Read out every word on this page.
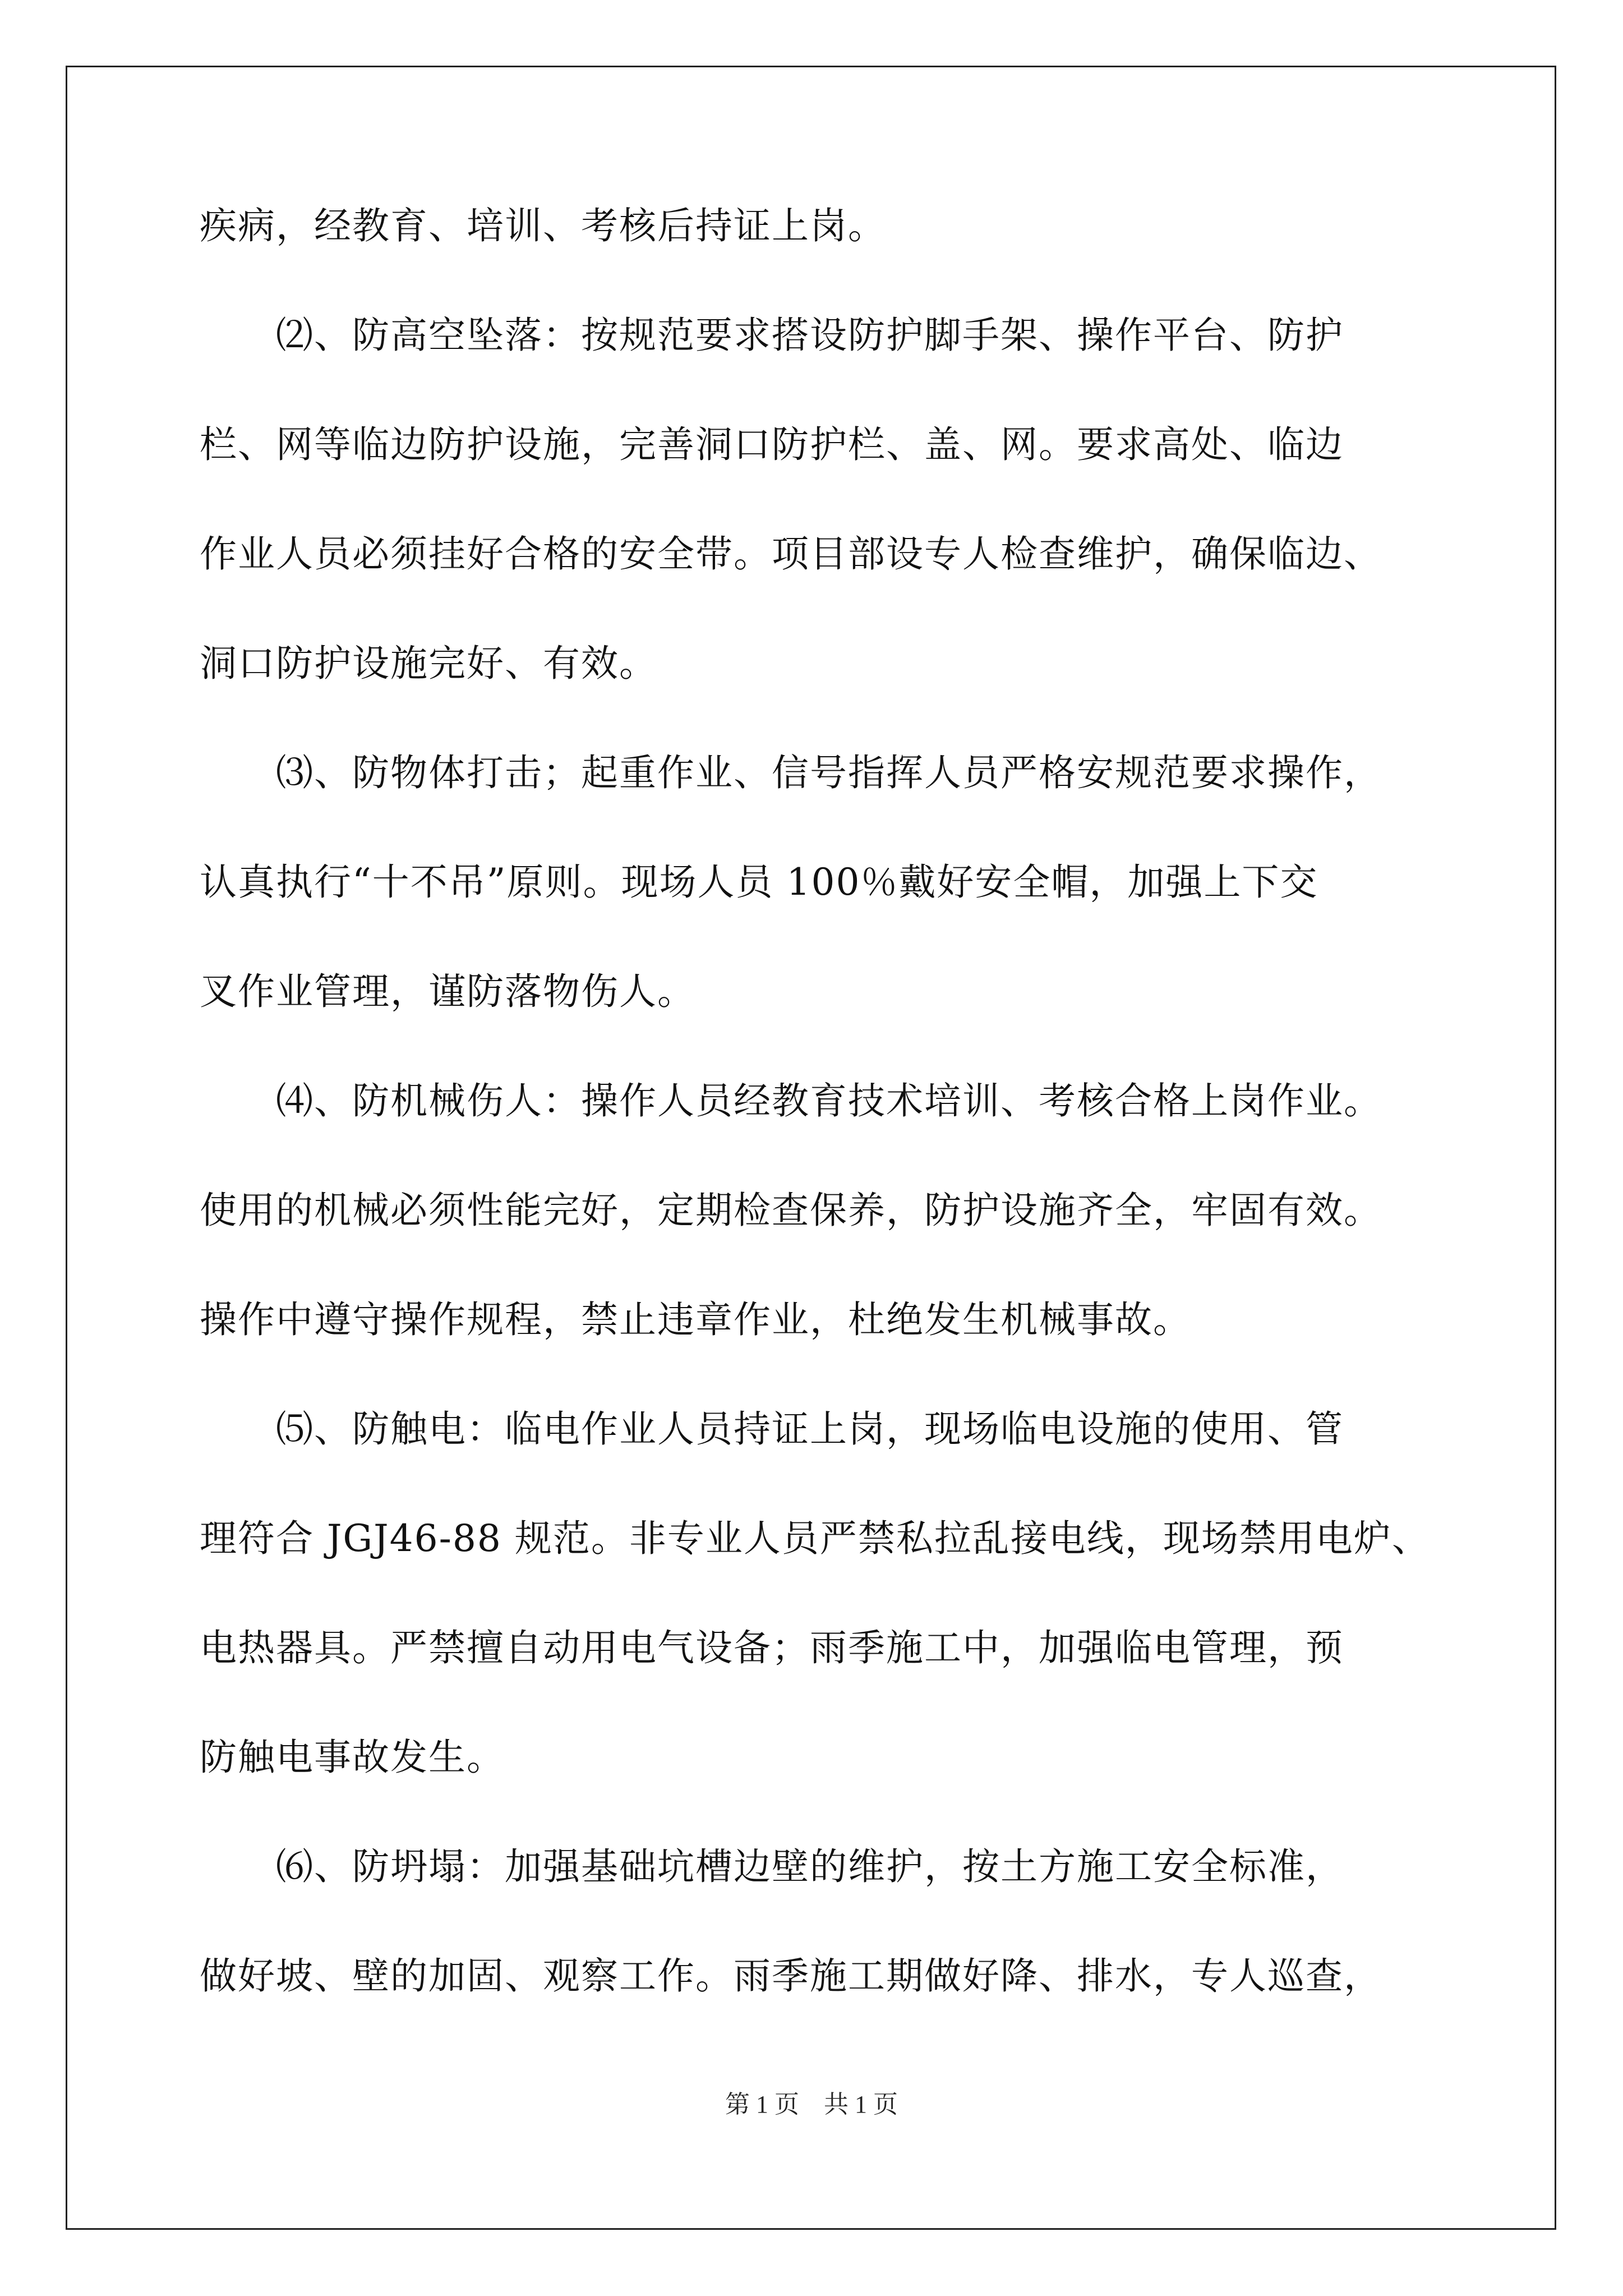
疾病，经教育、培训、考核后持证上岗。

　　⑵、防高空坠落：按规范要求搭设防护脚手架、操作平台、防护

栏、网等临边防护设施，完善洞口防护栏、盖、网。要求高处、临边

作业人员必须挂好合格的安全带。项目部设专人检查维护，确保临边、

洞口防护设施完好、有效。

　　⑶、防物体打击；起重作业、信号指挥人员严格安规范要求操作，

认真执行“十不吊”原则。现场人员 100％戴好安全帽，加强上下交

叉作业管理，谨防落物伤人。

　　⑷、防机械伤人：操作人员经教育技术培训、考核合格上岗作业。

使用的机械必须性能完好，定期检查保养，防护设施齐全，牢固有效。

操作中遵守操作规程，禁止违章作业，杜绝发生机械事故。

　　⑸、防触电：临电作业人员持证上岗，现场临电设施的使用、管

理符合 JGJ46-88 规范。非专业人员严禁私拉乱接电线，现场禁用电炉、

电热器具。严禁擅自动用电气设备；雨季施工中，加强临电管理，预

防触电事故发生。

　　⑹、防坍塌：加强基础坑槽边壁的维护，按土方施工安全标准，

做好坡、壁的加固、观察工作。雨季施工期做好降、排水，专人巡查，

第 1 页　共 1 页
